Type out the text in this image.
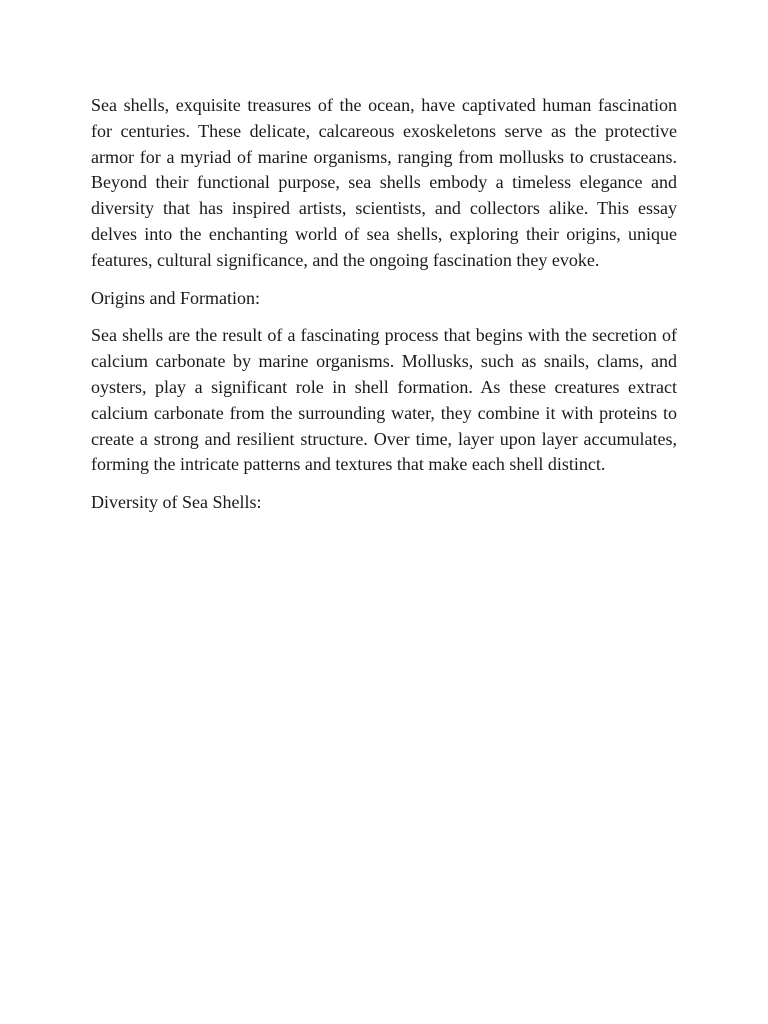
Sea shells, exquisite treasures of the ocean, have captivated human fascination for centuries. These delicate, calcareous exoskeletons serve as the protective armor for a myriad of marine organisms, ranging from mollusks to crustaceans. Beyond their functional purpose, sea shells embody a timeless elegance and diversity that has inspired artists, scientists, and collectors alike. This essay delves into the enchanting world of sea shells, exploring their origins, unique features, cultural significance, and the ongoing fascination they evoke.

Origins and Formation:

Sea shells are the result of a fascinating process that begins with the secretion of calcium carbonate by marine organisms. Mollusks, such as snails, clams, and oysters, play a significant role in shell formation. As these creatures extract calcium carbonate from the surrounding water, they combine it with proteins to create a strong and resilient structure. Over time, layer upon layer accumulates, forming the intricate patterns and textures that make each shell distinct.

Diversity of Sea Shells:
